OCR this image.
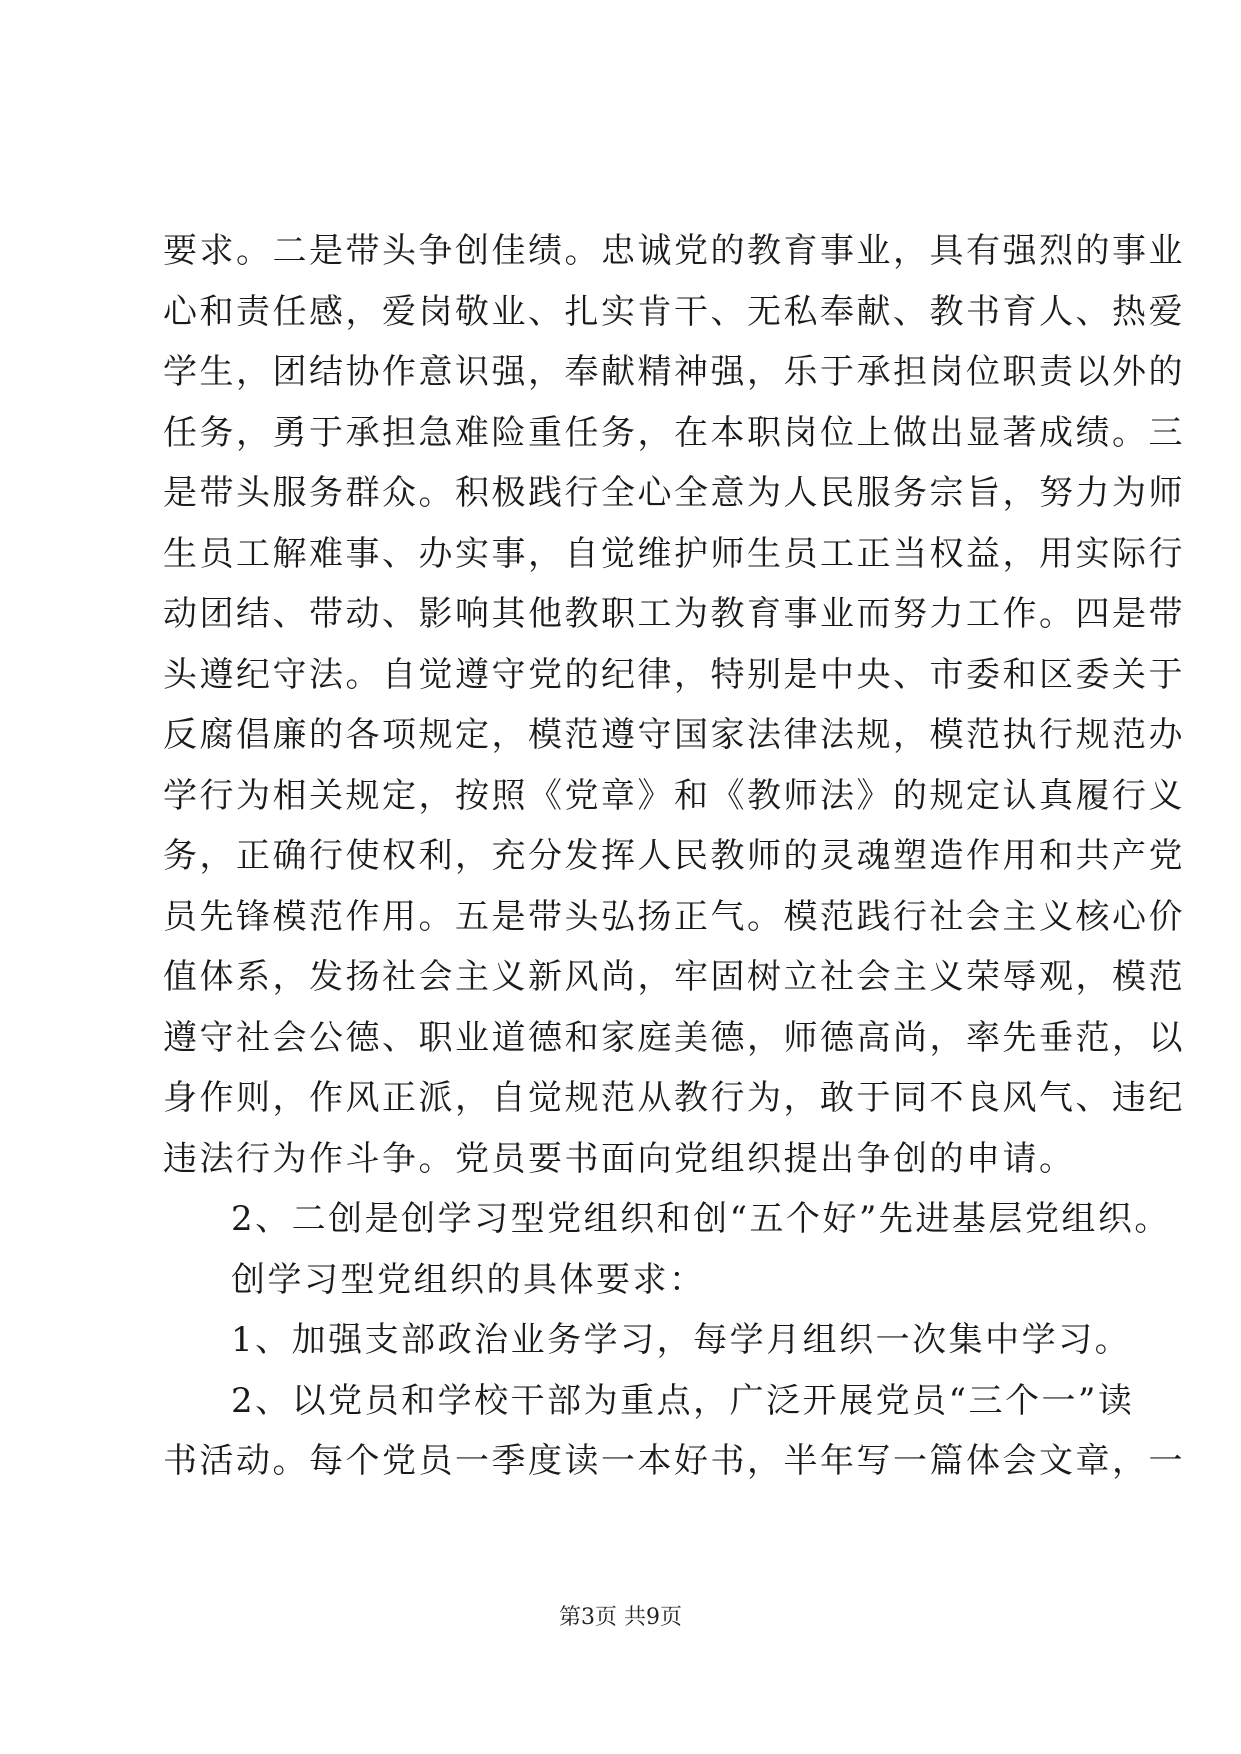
要求。二是带头争创佳绩。忠诚党的教育事业，具有强烈的事业
心和责任感，爱岗敬业、扎实肯干、无私奉献、教书育人、热爱
学生，团结协作意识强，奉献精神强，乐于承担岗位职责以外的
任务，勇于承担急难险重任务，在本职岗位上做出显著成绩。三
是带头服务群众。积极践行全心全意为人民服务宗旨，努力为师
生员工解难事、办实事，自觉维护师生员工正当权益，用实际行
动团结、带动、影响其他教职工为教育事业而努力工作。四是带
头遵纪守法。自觉遵守党的纪律，特别是中央、市委和区委关于
反腐倡廉的各项规定，模范遵守国家法律法规，模范执行规范办
学行为相关规定，按照《党章》和《教师法》的规定认真履行义
务，正确行使权利，充分发挥人民教师的灵魂塑造作用和共产党
员先锋模范作用。五是带头弘扬正气。模范践行社会主义核心价
值体系，发扬社会主义新风尚，牢固树立社会主义荣辱观，模范
遵守社会公德、职业道德和家庭美德，师德高尚，率先垂范，以
身作则，作风正派，自觉规范从教行为，敢于同不良风气、违纪
违法行为作斗争。党员要书面向党组织提出争创的申请。
2、二创是创学习型党组织和创“五个好”先进基层党组织。
创学习型党组织的具体要求：
1、加强支部政治业务学习，每学月组织一次集中学习。
2、以党员和学校干部为重点，广泛开展党员“三个一”读
书活动。每个党员一季度读一本好书，半年写一篇体会文章，一
第3页 共9页
